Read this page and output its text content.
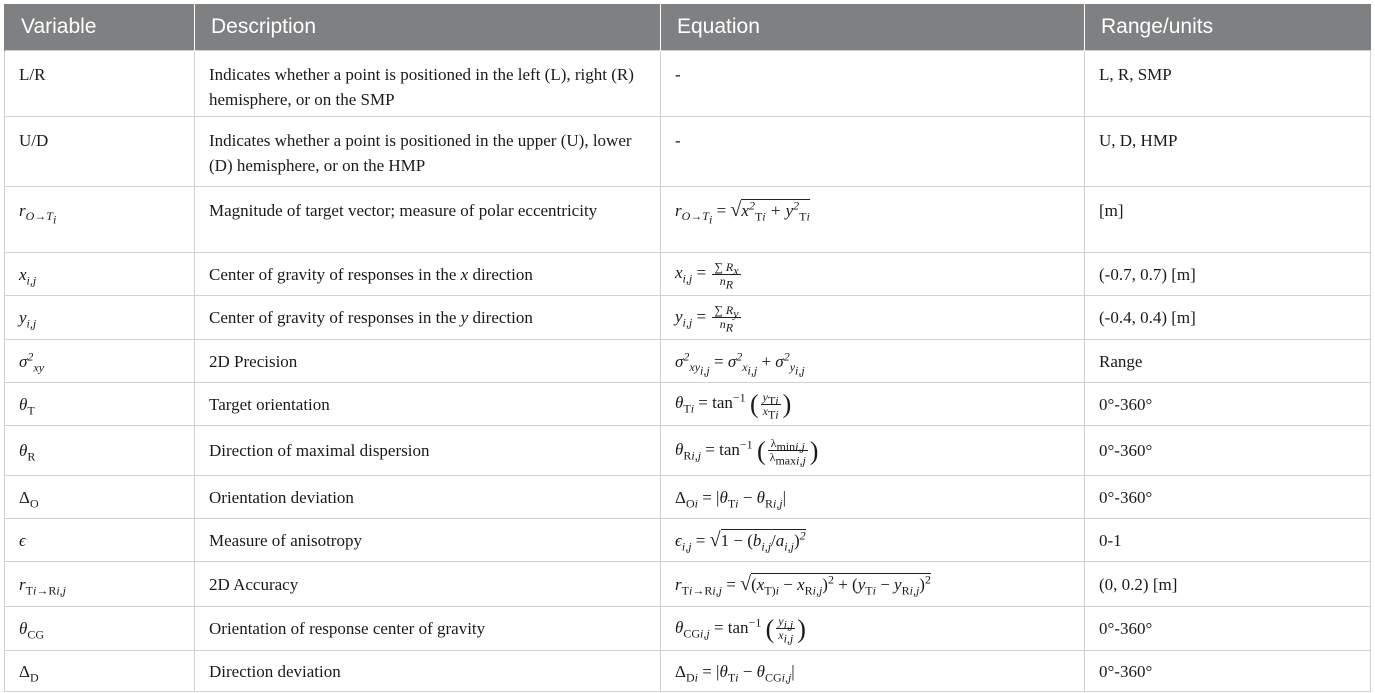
Variable	Description	Equation	Range/units
L/R	Indicates whether a point is positioned in the left (L), right (R) hemisphere, or on the SMP	-	L, R, SMP
U/D	Indicates whether a point is positioned in the upper (U), lower (D) hemisphere, or on the HMP	-	U, D, HMP
$r_{O\to T_i}$	Magnitude of target vector; measure of polar eccentricity	$r_{O\to T_i} = √x^2_{Ti} + y^2_{Ti}$	[m]
$x_{i,j}$	Center of gravity of responses in the x direction	$x_{i,j} = \frac{\sum R_x}{n_R}$	(-0.7, 0.7) [m]
$y_{i,j}$	Center of gravity of responses in the y direction	$y_{i,j} = \frac{\sum R_y}{n_R}$	(-0.4, 0.4) [m]
$\sigma^2_{xy}$	2D Precision	$\sigma^2_{xy_{i,j}} = \sigma^2_{x_{i,j}} + \sigma^2_{y_{i,j}}$	Range
$\theta_T$	Target orientation	$\theta_{Ti} = \tan^{-1}$ ( $\frac{y_{Ti}}{x_{Ti}}$ )	0°-360°
$\theta_R$	Direction of maximal dispersion	$\theta_{Ri,j} = \tan^{-1}$ ( $\frac{\lambda_{mini,j}}{\lambda_{maxi,j}}$ )	0°-360°
$\Delta_O$	Orientation deviation	$\Delta_{Oi} = |\theta_{Ti} - \theta_{Ri,j}|$	0°-360°
ϵ	Measure of anisotropy	$\epsilon_{i,j} = √1 - (b_{i,j}/a_{i,j})^2$	0-1
$r_{Ti\to Ri,j}$	2D Accuracy	$r_{Ti\to Ri,j} = √(x_{T)i} - x_{Ri,j})^2 + (y_{Ti} - y_{Ri,j})^2$	(0, 0.2) [m]
$\theta_{CG}$	Orientation of response center of gravity	$\theta_{CGi,j} = \tan^{-1}$ ( $\frac{y_{i,j}}{x_{i,j}}$ )	0°-360°
$\Delta_D$	Direction deviation	$\Delta_{Di} = |\theta_{Ti} - \theta_{CGi,j}|$	0°-360°
